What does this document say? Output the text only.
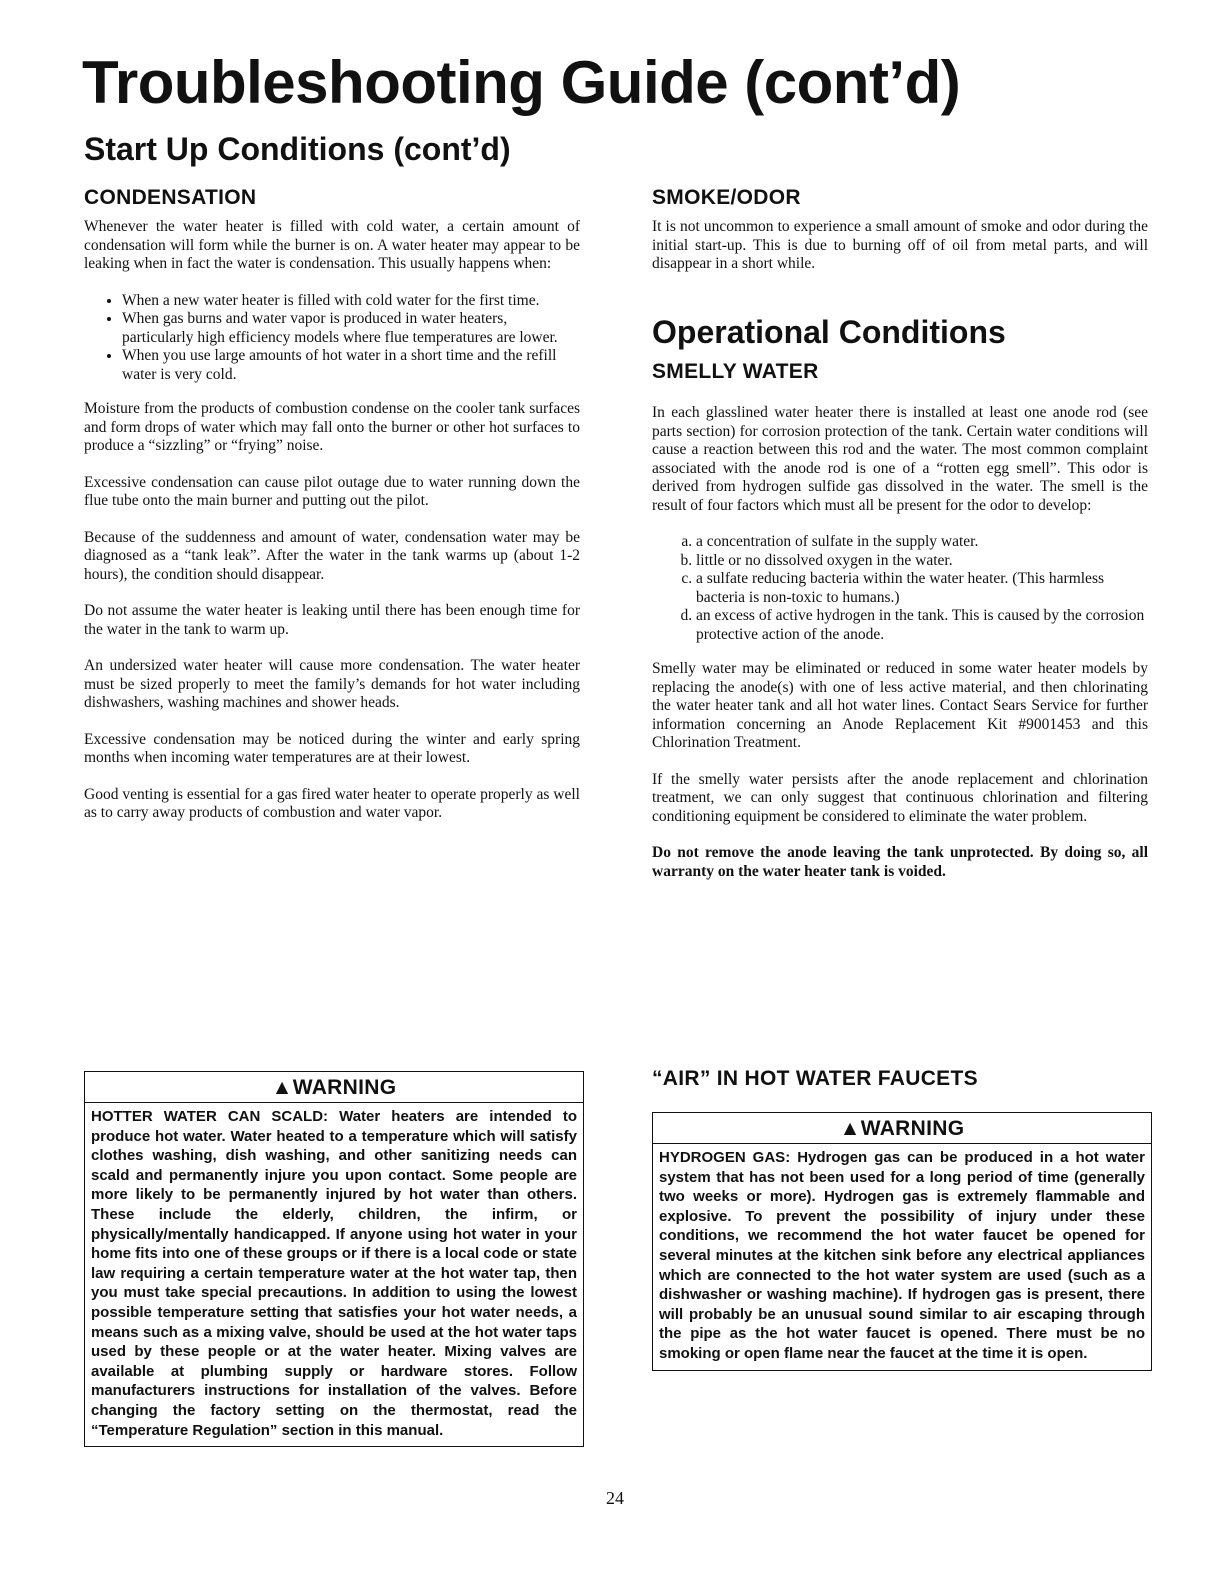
Troubleshooting Guide (cont’d)
Start Up Conditions (cont’d)
CONDENSATION

Whenever the water heater is filled with cold water, a certain amount of condensation will form while the burner is on. A water heater may appear to be leaking when in fact the water is condensation. This usually happens when:

• When a new water heater is filled with cold water for the first time.
• When gas burns and water vapor is produced in water heaters, particularly high efficiency models where flue temperatures are lower.
• When you use large amounts of hot water in a short time and the refill water is very cold.

Moisture from the products of combustion condense on the cooler tank surfaces and form drops of water which may fall onto the burner or other hot surfaces to produce a “sizzling” or “frying” noise.

Excessive condensation can cause pilot outage due to water running down the flue tube onto the main burner and putting out the pilot.

Because of the suddenness and amount of water, condensation water may be diagnosed as a “tank leak”. After the water in the tank warms up (about 1-2 hours), the condition should disappear.

Do not assume the water heater is leaking until there has been enough time for the water in the tank to warm up.

An undersized water heater will cause more condensation. The water heater must be sized properly to meet the family’s demands for hot water including dishwashers, washing machines and shower heads.

Excessive condensation may be noticed during the winter and early spring months when incoming water temperatures are at their lowest.

Good venting is essential for a gas fired water heater to operate properly as well as to carry away products of combustion and water vapor.

▲WARNING

HOTTER WATER CAN SCALD: Water heaters are intended to produce hot water. Water heated to a temperature which will satisfy clothes washing, dish washing, and other sanitizing needs can scald and permanently injure you upon contact. Some people are more likely to be permanently injured by hot water than others. These include the elderly, children, the infirm, or physically/mentally handicapped. If anyone using hot water in your home fits into one of these groups or if there is a local code or state law requiring a certain temperature water at the hot water tap, then you must take special precautions. In addition to using the lowest possible temperature setting that satisfies your hot water needs, a means such as a mixing valve, should be used at the hot water taps used by these people or at the water heater. Mixing valves are available at plumbing supply or hardware stores. Follow manufacturers instructions for installation of the valves. Before changing the factory setting on the thermostat, read the “Temperature Regulation” section in this manual.

SMOKE/ODOR

It is not uncommon to experience a small amount of smoke and odor during the initial start-up. This is due to burning off of oil from metal parts, and will disappear in a short while.

Operational Conditions
SMELLY WATER

In each glasslined water heater there is installed at least one anode rod (see parts section) for corrosion protection of the tank. Certain water conditions will cause a reaction between this rod and the water. The most common complaint associated with the anode rod is one of a “rotten egg smell”. This odor is derived from hydrogen sulfide gas dissolved in the water. The smell is the result of four factors which must all be present for the odor to develop:

a. a concentration of sulfate in the supply water.
b. little or no dissolved oxygen in the water.
c. a sulfate reducing bacteria within the water heater. (This harmless bacteria is non-toxic to humans.)
d. an excess of active hydrogen in the tank. This is caused by the corrosion protective action of the anode.

Smelly water may be eliminated or reduced in some water heater models by replacing the anode(s) with one of less active material, and then chlorinating the water heater tank and all hot water lines. Contact Sears Service for further information concerning an Anode Replacement Kit #9001453 and this Chlorination Treatment.

If the smelly water persists after the anode replacement and chlorination treatment, we can only suggest that continuous chlorination and filtering conditioning equipment be considered to eliminate the water problem.

Do not remove the anode leaving the tank unprotected. By doing so, all warranty on the water heater tank is voided.

“AIR” IN HOT WATER FAUCETS
▲WARNING

HYDROGEN GAS: Hydrogen gas can be produced in a hot water system that has not been used for a long period of time (generally two weeks or more). Hydrogen gas is extremely flammable and explosive. To prevent the possibility of injury under these conditions, we recommend the hot water faucet be opened for several minutes at the kitchen sink before any electrical appliances which are connected to the hot water system are used (such as a dishwasher or washing machine). If hydrogen gas is present, there will probably be an unusual sound similar to air escaping through the pipe as the hot water faucet is opened. There must be no smoking or open flame near the faucet at the time it is open.

24
